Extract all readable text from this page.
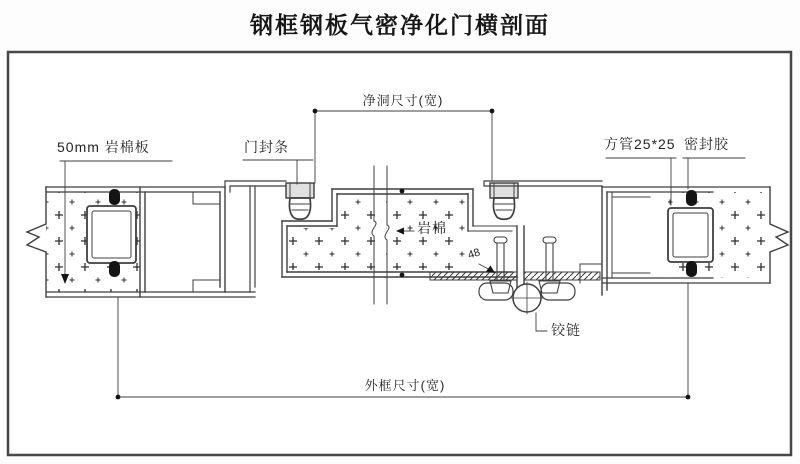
钢框钢板气密净化门横剖面
净洞尺寸(宽)
50mm 岩棉板	门封条	方管25*25 密封胶
岩棉
48
铰链
外框尺寸(宽)
